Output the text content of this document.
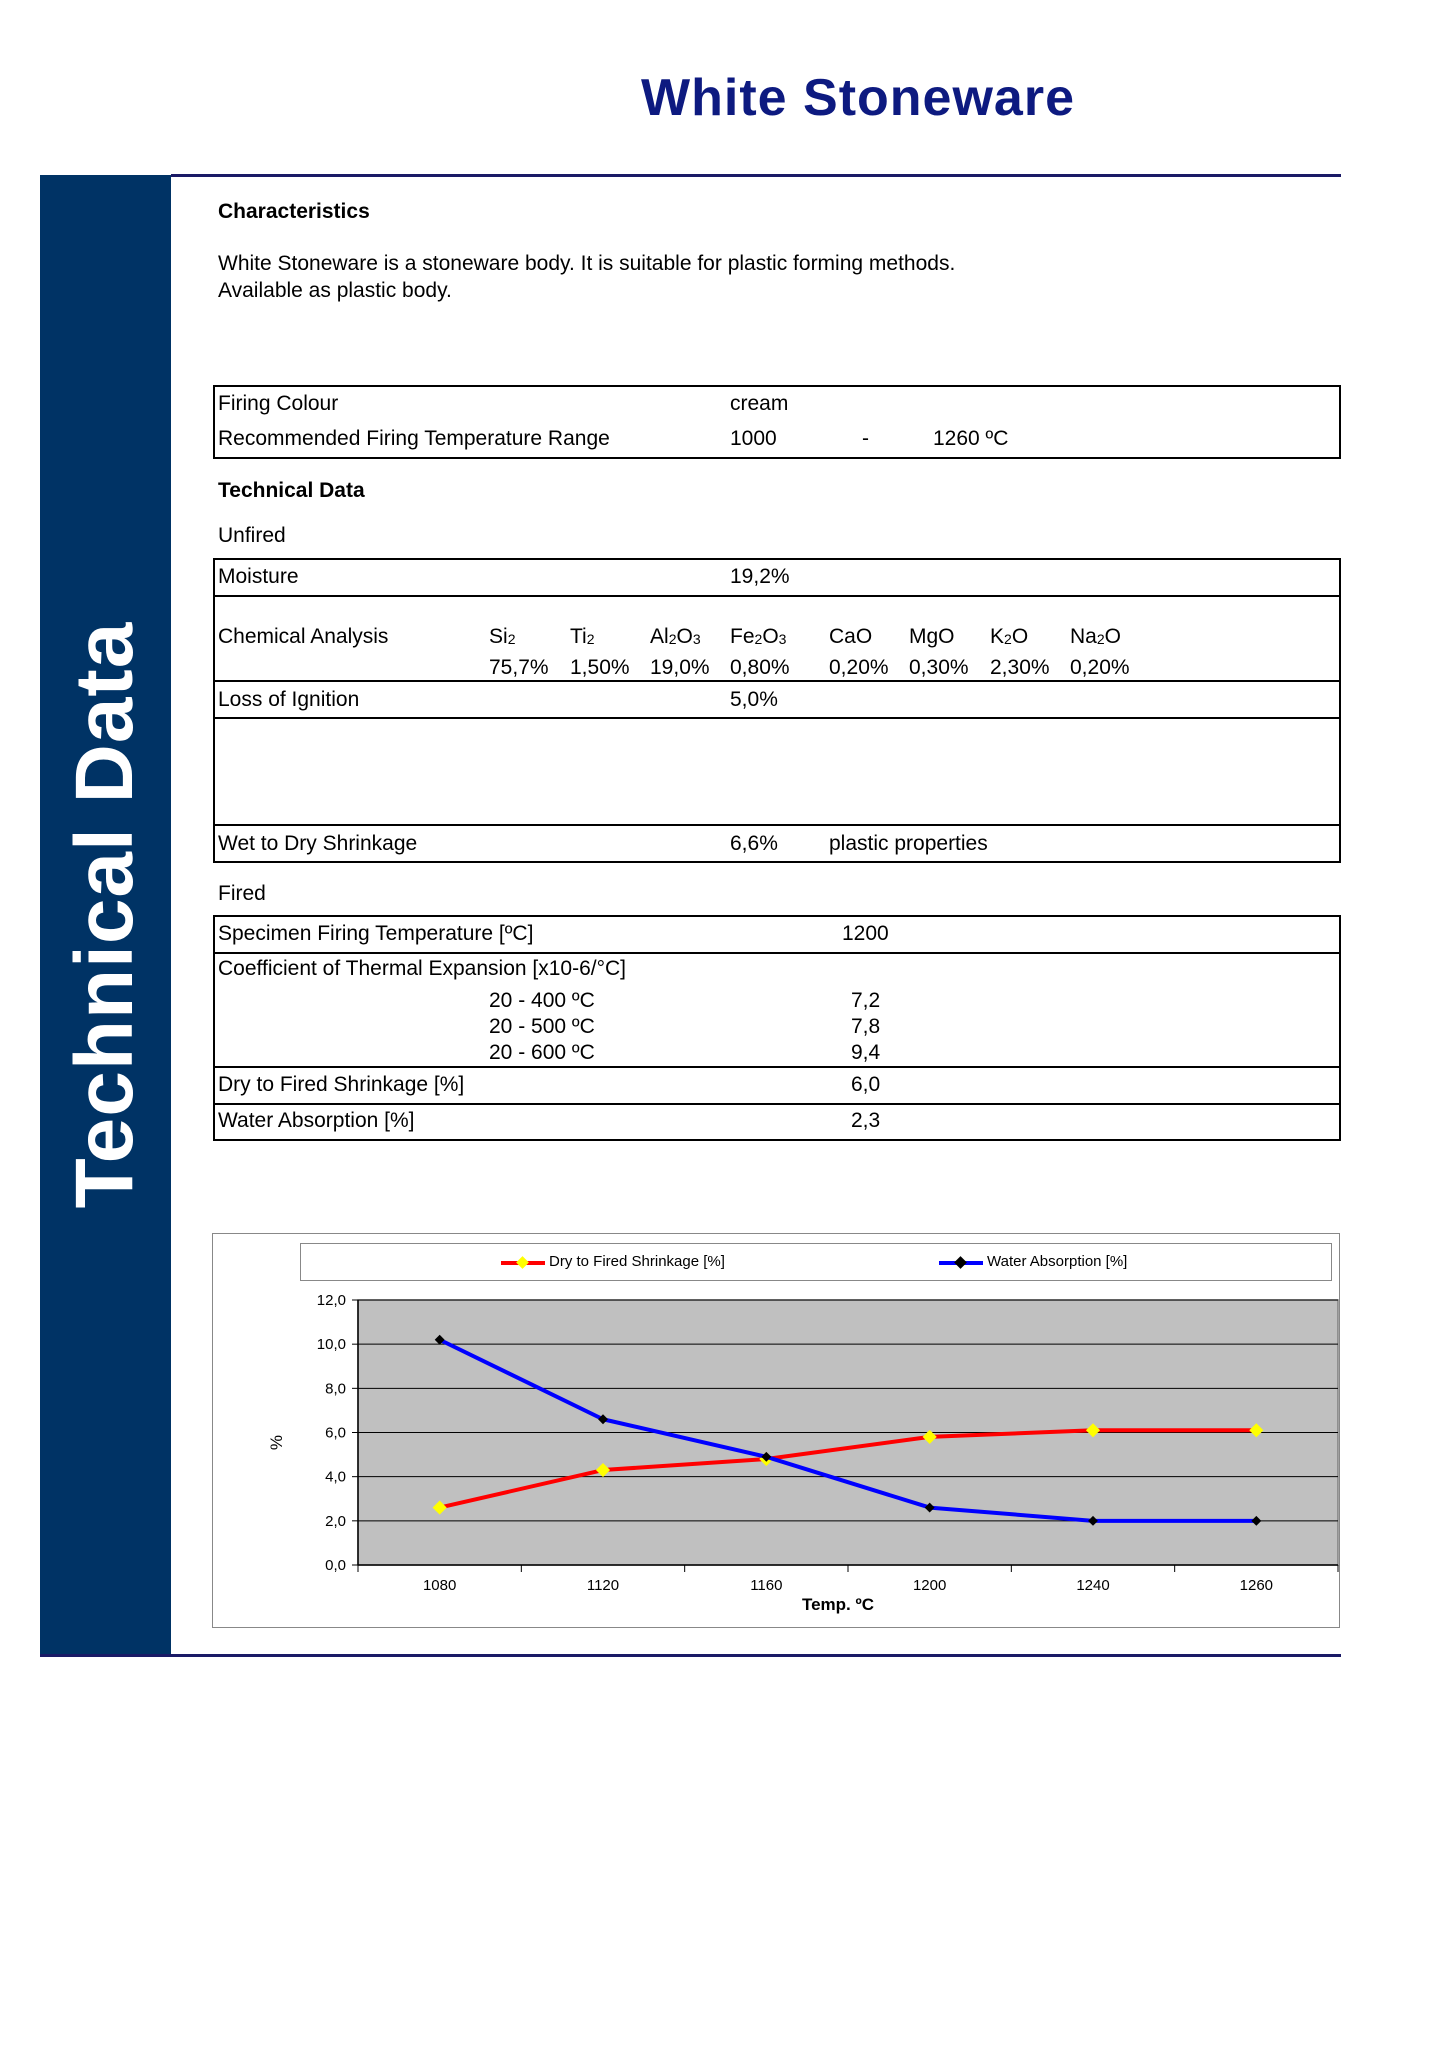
White Stoneware
Technical Data
Characteristics
White Stoneware is a stoneware body. It is suitable for plastic forming methods.
Available as plastic body.
Firing Colour	cream
Recommended Firing Temperature Range	1000	-	1260 ºC
Technical Data
Unfired
Moisture	19,2%
Chemical Analysis	$Si_2$	$Ti_2$	$Al_2O_3$ $Fe_2O_3$ CaO MgO $K_2O$ $Na_2O$
75,7% 1,50% 19,0% 0,80% 0,20% 0,30% 2,30% 0,20%
Loss of Ignition	5,0%
Wet to Dry Shrinkage	6,6% plastic properties
Fired
Specimen Firing Temperature [ºC]	1200
Coefficient of Thermal Expansion [x10-6/°C]
20 - 400 ºC	7,2
20 - 500 ºC	7,8
20 - 600 ºC	9,4
Dry to Fired Shrinkage [%]	6,0
Water Absorption [%]	2,3
Dry to Fired Shrinkage [%]	Water Absorption [%]
0,0
2,0
4,0
6,0
8,0
10,0
12,0
1080	1120	1160	1200	1240	1260
Temp. ºC
%
